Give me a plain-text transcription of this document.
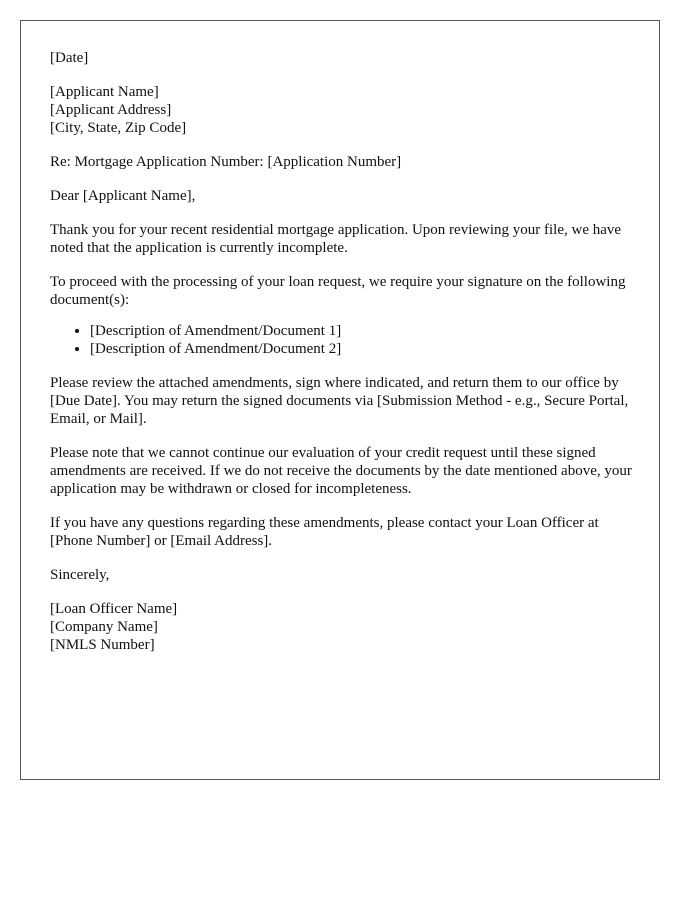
[Date]
[Applicant Name]
[Applicant Address]
[City, State, Zip Code]
Re: Mortgage Application Number: [Application Number]
Dear [Applicant Name],
Thank you for your recent residential mortgage application. Upon reviewing your file, we have noted that the application is currently incomplete.
To proceed with the processing of your loan request, we require your signature on the following document(s):
• [Description of Amendment/Document 1]
• [Description of Amendment/Document 2]
Please review the attached amendments, sign where indicated, and return them to our office by [Due Date]. You may return the signed documents via [Submission Method - e.g., Secure Portal, Email, or Mail].
Please note that we cannot continue our evaluation of your credit request until these signed amendments are received. If we do not receive the documents by the date mentioned above, your application may be withdrawn or closed for incompleteness.
If you have any questions regarding these amendments, please contact your Loan Officer at [Phone Number] or [Email Address].
Sincerely,
[Loan Officer Name]
[Company Name]
[NMLS Number]
